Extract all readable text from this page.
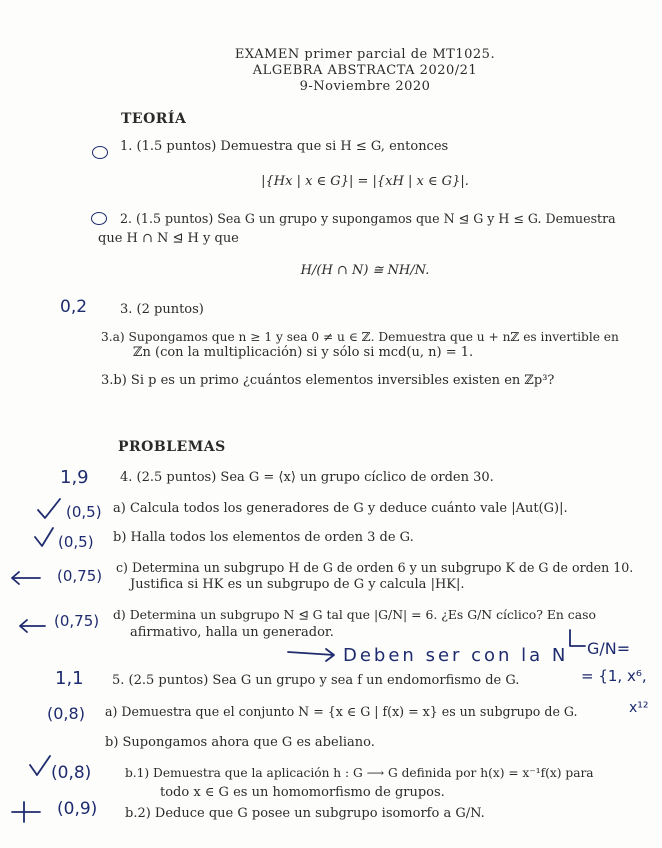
EXAMEN primer parcial de MT1025.
ALGEBRA ABSTRACTA 2020/21
9-Noviembre 2020
TEORÍA
1. (1.5 puntos) Demuestra que si H ≤ G, entonces
|{Hx | x ∈ G}| = |{xH | x ∈ G}|.
2. (1.5 puntos) Sea G un grupo y supongamos que N ⊴ G y H ≤ G. Demuestra
que H ∩ N ⊴ H y que
H/(H ∩ N) ≅ NH/N.
0,2	3. (2 puntos)
3.a) Supongamos que n ≥ 1 y sea 0 ≠ u ∈ ℤ. Demuestra que u + nℤ es invertible en
ℤn (con la multiplicación) si y sólo si mcd(u, n) = 1.
3.b) Si p es un primo ¿cuántos elementos inversibles existen en ℤp³?
PROBLEMAS
1,9 4. (2.5 puntos) Sea G = ⟨x⟩ un grupo cíclico de orden 30.
(0,5) a) Calcula todos los generadores de G y deduce cuánto vale |Aut(G)|.
(0,5) b) Halla todos los elementos de orden 3 de G.
(0,75) c) Determina un subgrupo H de G de orden 6 y un subgrupo K de G de orden 10.
Justifica si HK es un subgrupo de G y calcula |HK|.
(0,75) d) Determina un subgrupo N ⊴ G tal que |G/N| = 6. ¿Es G/N cíclico? En caso
afirmativo, halla un generador.
Deben ser con la N G/N=
= {1, x⁶,
1,1 5. (2.5 puntos) Sea G un grupo y sea f un endomorfismo de G.
(0,8) a) Demuestra que el conjunto N = {x ∈ G | f(x) = x} es un subgrupo de G.	x¹²
b) Supongamos ahora que G es abeliano.
(0,8)	b.1) Demuestra que la aplicación h : G ⟶ G definida por h(x) = x⁻¹f(x) para
todo x ∈ G es un homomorfismo de grupos.
(0,9) b.2) Deduce que G posee un subgrupo isomorfo a G/N.
